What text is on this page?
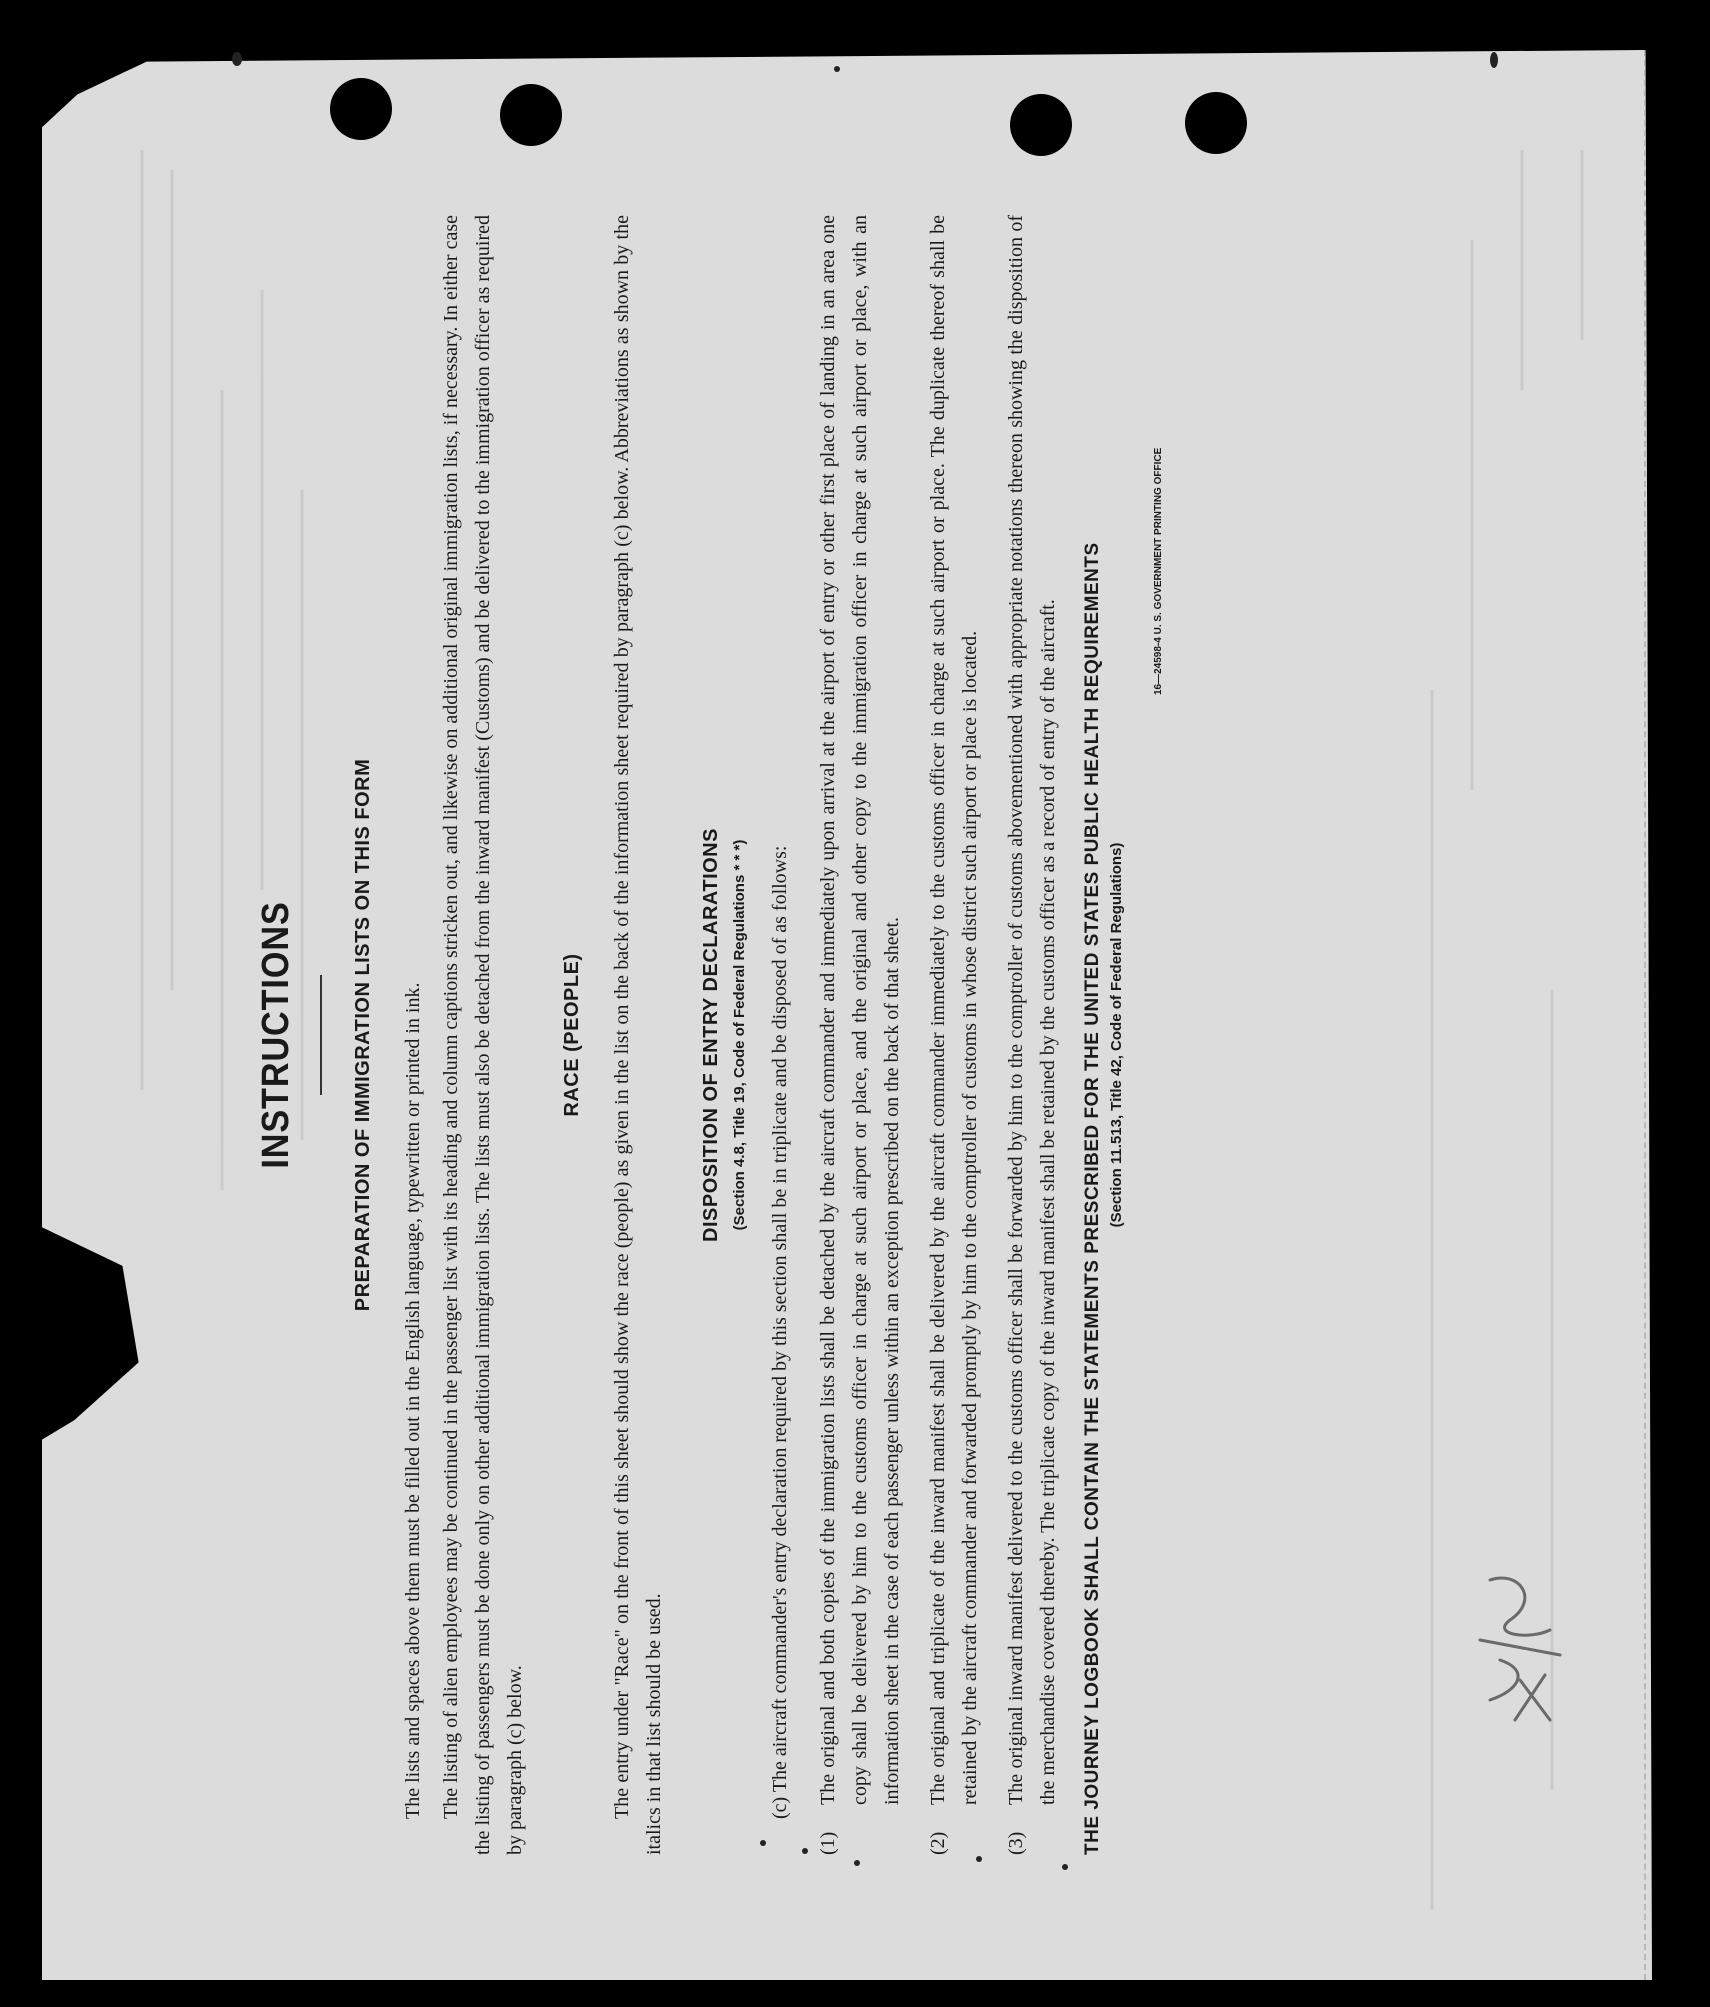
INSTRUCTIONS	PREPARATION OF IMMIGRATION LISTS ON THIS FORM The lists and spaces above them must be filled out in the English language, typewritten or printed in ink. The listing of alien employees may be continued in the passenger list with its heading and column captions stricken out, and likewise on additional original immigration lists, if necessary. In either case the listing of passengers must be done only on other additional immigration lists. The lists must also be detached from the inward manifest (Customs) and be delivered to the immigration officer as required by paragraph (c) below.

RACE (PEOPLE) The entry under "Race" on the front of this sheet should show the race (people) as given in the list on the back of the information sheet required by paragraph (c) below. Abbreviations as shown by the italics in that list should be used.

DISPOSITION OF ENTRY DECLARATIONS (Section 4.8, Title 19, Code of Federal Regulations * * *) (c) The aircraft commander's entry declaration required by this section shall be in triplicate and be disposed of as follows:

(1)
The original and both copies of the immigration lists shall be detached by the aircraft commander and immediately upon arrival at the airport of entry or other first place of landing in an area one copy shall be delivered by him to the customs officer in charge at such airport or place, and the original and other copy to the immigration officer in charge at such airport or place, with an information sheet in the case of each passenger unless within an exception prescribed on the back of that sheet.
(2)
The original and triplicate of the inward manifest shall be delivered by the aircraft commander immediately to the customs officer in charge at such airport or place. The duplicate thereof shall be retained by the aircraft commander and forwarded promptly by him to the comptroller of customs in whose district such airport or place is located.
(3)
The original inward manifest delivered to the customs officer shall be forwarded by him to the comptroller of customs abovementioned with appropriate notations thereon showing the disposition of the merchandise covered thereby. The triplicate copy of the inward manifest shall be retained by the customs officer as a record of entry of the aircraft. THE JOURNEY LOGBOOK SHALL CONTAIN THE STATEMENTS PRESCRIBED FOR THE UNITED STATES PUBLIC HEALTH REQUIREMENTS (Section 11.513, Title 42, Code of Federal Regulations)
16—24598-4 U. S. GOVERNMENT PRINTING OFFICE
